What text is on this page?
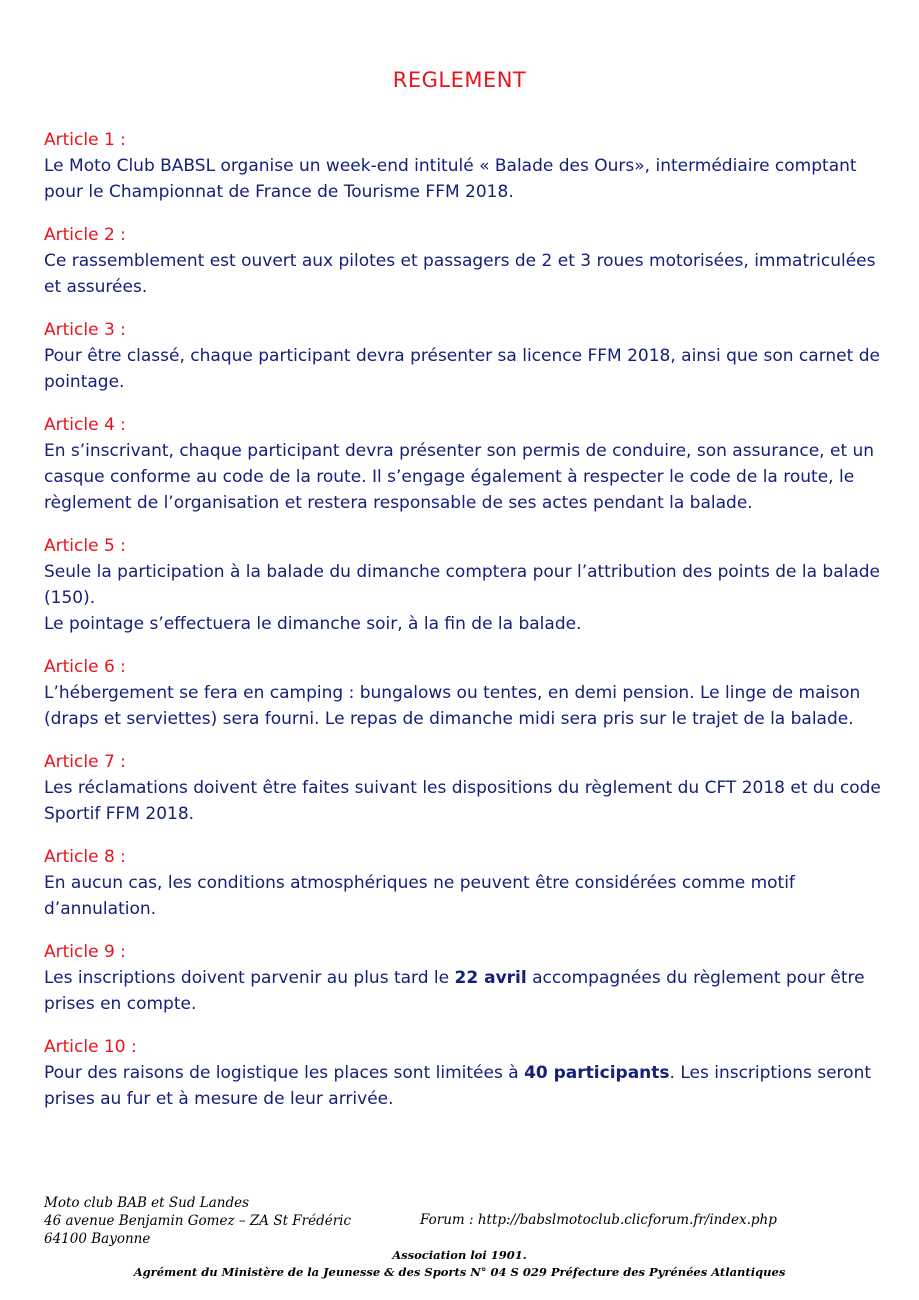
REGLEMENT
Article 1 :

Le Moto Club BABSL organise un week-end intitulé « Balade des Ours», intermédiaire comptant pour le Championnat de France de Tourisme FFM 2018.

Article 2 :

Ce rassemblement est ouvert aux pilotes et passagers de 2 et 3 roues motorisées, immatriculées et assurées.

Article 3 :

Pour être classé, chaque participant devra présenter sa licence FFM 2018, ainsi que son carnet de pointage.

Article 4 :

En s’inscrivant, chaque participant devra présenter son permis de conduire, son assurance, et un casque conforme au code de la route. Il s’engage également à respecter le code de la route, le règlement de l’organisation et restera responsable de ses actes pendant la balade.

Article 5 :

Seule la participation à la balade du dimanche comptera pour l’attribution des points de la balade (150).

Le pointage s’effectuera le dimanche soir, à la fin de la balade.

Article 6 :

L’hébergement se fera en camping : bungalows ou tentes, en demi pension. Le linge de maison (draps et serviettes) sera fourni. Le repas de dimanche midi sera pris sur le trajet de la balade.

Article 7 :

Les réclamations doivent être faites suivant les dispositions du règlement du CFT 2018 et du code Sportif FFM 2018.

Article 8 :

En aucun cas, les conditions atmosphériques ne peuvent être considérées comme motif d’annulation.

Article 9 :

Les inscriptions doivent parvenir au plus tard le 22 avril accompagnées du règlement pour être prises en compte.

Article 10 :

Pour des raisons de logistique les places sont limitées à 40 participants. Les inscriptions seront prises au fur et à mesure de leur arrivée.

Moto club BAB et Sud Landes
46 avenue Benjamin Gomez – ZA St Frédéric
64100 Bayonne
Forum : http://babslmotoclub.clicforum.fr/index.php
Association loi 1901.
Agrément du Ministère de la Jeunesse & des Sports N° 04 S 029 Préfecture des Pyrénées Atlantiques
